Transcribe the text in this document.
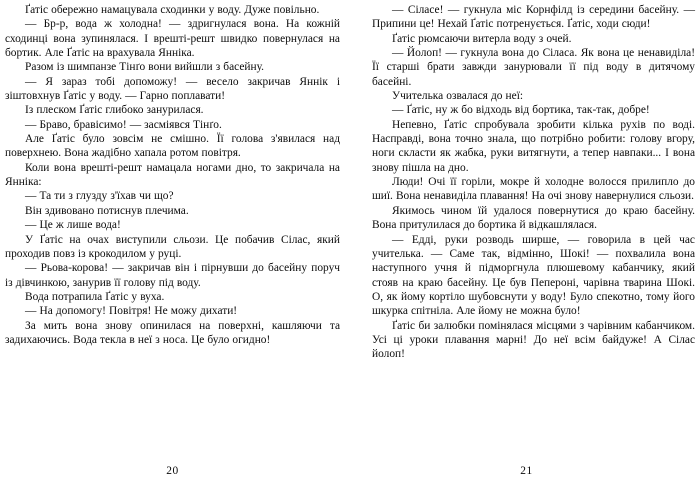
Ґатіс обережно намацувала сходинки у воду. Дуже повільно.

— Бр-р, вода ж холодна! — здригнулася вона. На кожній сходинці вона зупинялася. І врешті-решт швидко повернулася на бортик. Але Ґатіс на врахувала Янніка.

Разом із шимпанзе Тінґо вони вийшли з басейну.

— Я зараз тобі допоможу! — весело закричав Яннік і зіштовхнув Ґатіс у воду. — Гарно поплавати!

Із плеском Ґатіс глибоко занурилася.

— Браво, бравісимо! — засміявся Тінґо.

Але Ґатіс було зовсім не смішно. Її голова з'явилася над поверхнею. Вона жадібно хапала ротом повітря.

Коли вона врешті-решт намацала ногами дно, то закричала на Янніка:

— Та ти з глузду з'їхав чи що?

Він здивовано потиснув плечима.

— Це ж лише вода!

У Ґатіс на очах виступили сльози. Це побачив Сілас, який проходив повз із крокодилом у руці.

— Рьова-корова! — закричав він і пірнувши до басейну поруч із дівчинкою, занурив її голову під воду.

Вода потрапила Ґатіс у вуха.

— На допомогу! Повітря! Не можу дихати!

За мить вона знову опинилася на поверхні, кашляючи та задихаючись. Вода текла в неї з носа. Це було огидно!

20

— Сіласе! — гукнула міс Корнфілд із середини басейну. — Припини це! Нехай Ґатіс потренується. Ґатіс, ходи сюди!

Ґатіс рюмсаючи витерла воду з очей.

— Йолоп! — гукнула вона до Сіласа. Як вона це ненавиділа! Її старші брати завжди занурювали її під воду в дитячому басейні.

Учителька озвалася до неї:

— Ґатіс, ну ж бо відходь від бортика, так-так, добре!

Непевно, Ґатіс спробувала зробити кілька рухів по воді. Насправді, вона точно знала, що потрібно робити: голову вгору, ноги скласти як жабка, руки витягнути, а тепер навпаки... І вона знову пішла на дно.

Люди! Очі її горіли, мокре й холодне волосся прилипло до шиї. Вона ненавиділа плавання! На очі знову навернулися сльози.

Якимось чином їй удалося повернутися до краю басейну. Вона притулилася до бортика й відкашлялася.

— Едді, руки розводь ширше, — говорила в цей час учителька. — Саме так, відмінно, Шокі! — похвалила вона наступного учня й підморгнула плюшевому кабанчику, який стояв на краю басейну. Це був Пепероні, чарівна тварина Шокі. О, як йому кортіло шубовснути у воду! Було спекотно, тому його шкурка спітніла. Але йому не можна було!

Ґатіс би залюбки помінялася місцями з чарівним кабанчиком. Усі ці уроки плавання марні! До неї всім байдуже! А Сілас йолоп!

21
